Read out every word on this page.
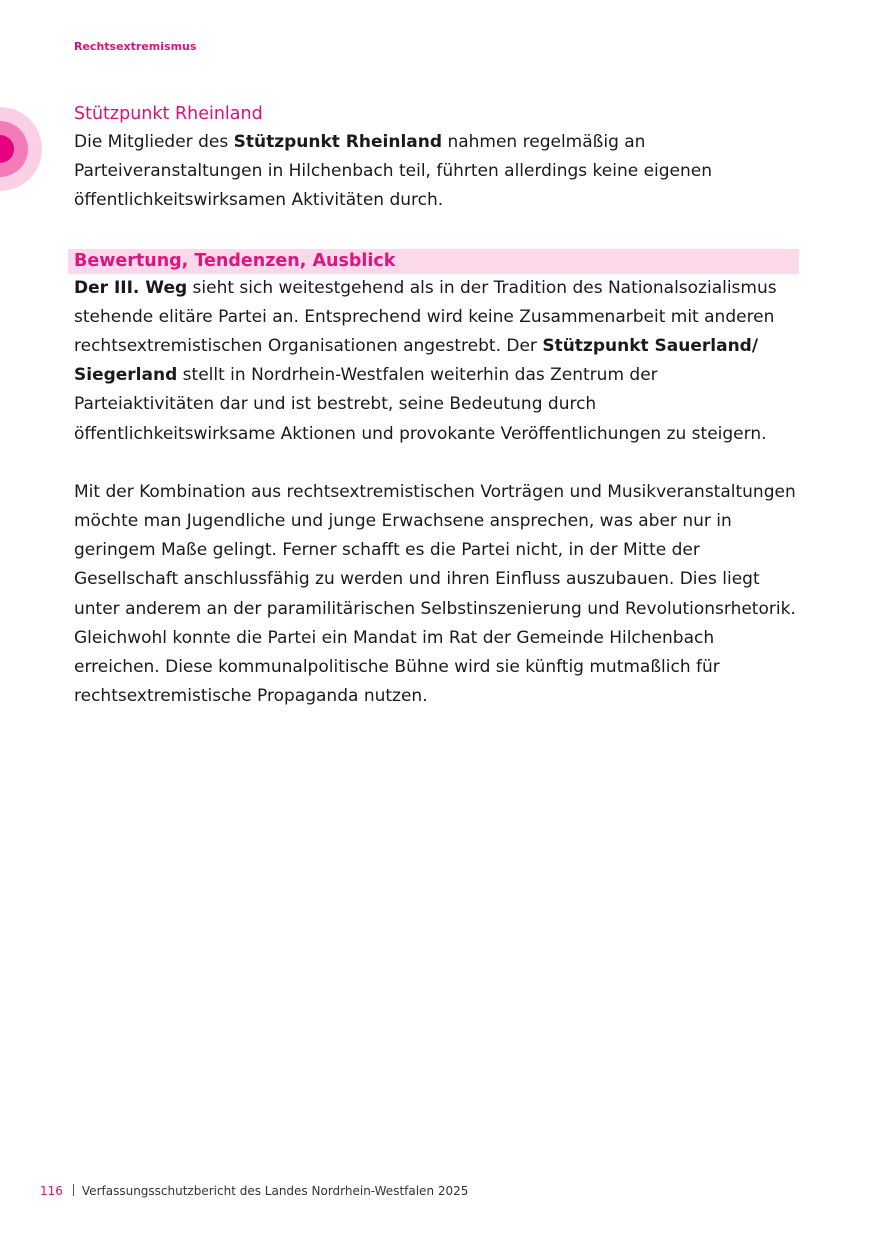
Rechtsextremismus
Stützpunkt Rheinland

Die Mitglieder des Stützpunkt Rheinland nahmen regelmäßig an Parteiveranstaltungen in Hilchenbach teil, führten allerdings keine eigenen öffentlichkeitswirksamen Aktivitäten durch.

Bewertung, Tendenzen, Ausblick

Der III. Weg sieht sich weitestgehend als in der Tradition des Nationalsozialismus stehende elitäre Partei an. Entsprechend wird keine Zusammenarbeit mit anderen rechtsextremistischen Organisationen angestrebt. Der Stützpunkt Sauerland/ Siegerland stellt in Nordrhein-Westfalen weiterhin das Zentrum der Parteiaktivitäten dar und ist bestrebt, seine Bedeutung durch öffentlichkeitswirksame Aktionen und provokante Veröffentlichungen zu steigern.

Mit der Kombination aus rechtsextremistischen Vorträgen und Musikveranstaltungen möchte man Jugendliche und junge Erwachsene ansprechen, was aber nur in geringem Maße gelingt. Ferner schafft es die Partei nicht, in der Mitte der Gesellschaft anschlussfähig zu werden und ihren Einfluss auszubauen. Dies liegt unter anderem an der paramilitärischen Selbstinszenierung und Revolutionsrhetorik. Gleichwohl konnte die Partei ein Mandat im Rat der Gemeinde Hilchenbach erreichen. Diese kommunalpolitische Bühne wird sie künftig mutmaßlich für rechtsextremistische Propaganda nutzen.

116 Verfassungsschutzbericht des Landes Nordrhein-Westfalen 2025
